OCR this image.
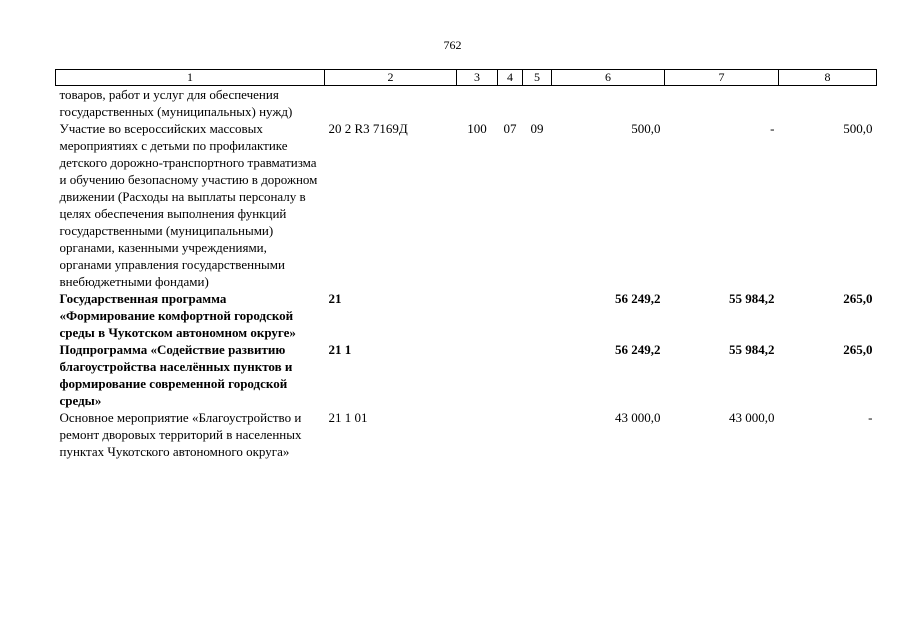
762
1	2	3	4	5	6	7	8
товаров, работ и услуг для обеспечения государственных (муниципальных) нужд)							
Участие во всероссийских массовых мероприятиях с детьми по профилактике детского дорожно-транспортного травматизма и обучению безопасному участию в дорожном движении (Расходы на выплаты персоналу в целях обеспечения выполнения функций государственными (муниципальными) органами, казенными учреждениями, органами управления государственными внебюджетными фондами)	20 2 R3 7169Д	100	07	09	500,0	-	500,0
Государственная программа «Формирование комфортной городской среды в Чукотском автономном округе»	21				56 249,2	55 984,2	265,0
Подпрограмма «Содействие развитию благоустройства населённых пунктов и формирование современной городской среды»	21 1				56 249,2	55 984,2	265,0
Основное мероприятие «Благоустройство и ремонт дворовых территорий в населенных пунктах Чукотского автономного округа»	21 1 01				43 000,0	43 000,0	-
